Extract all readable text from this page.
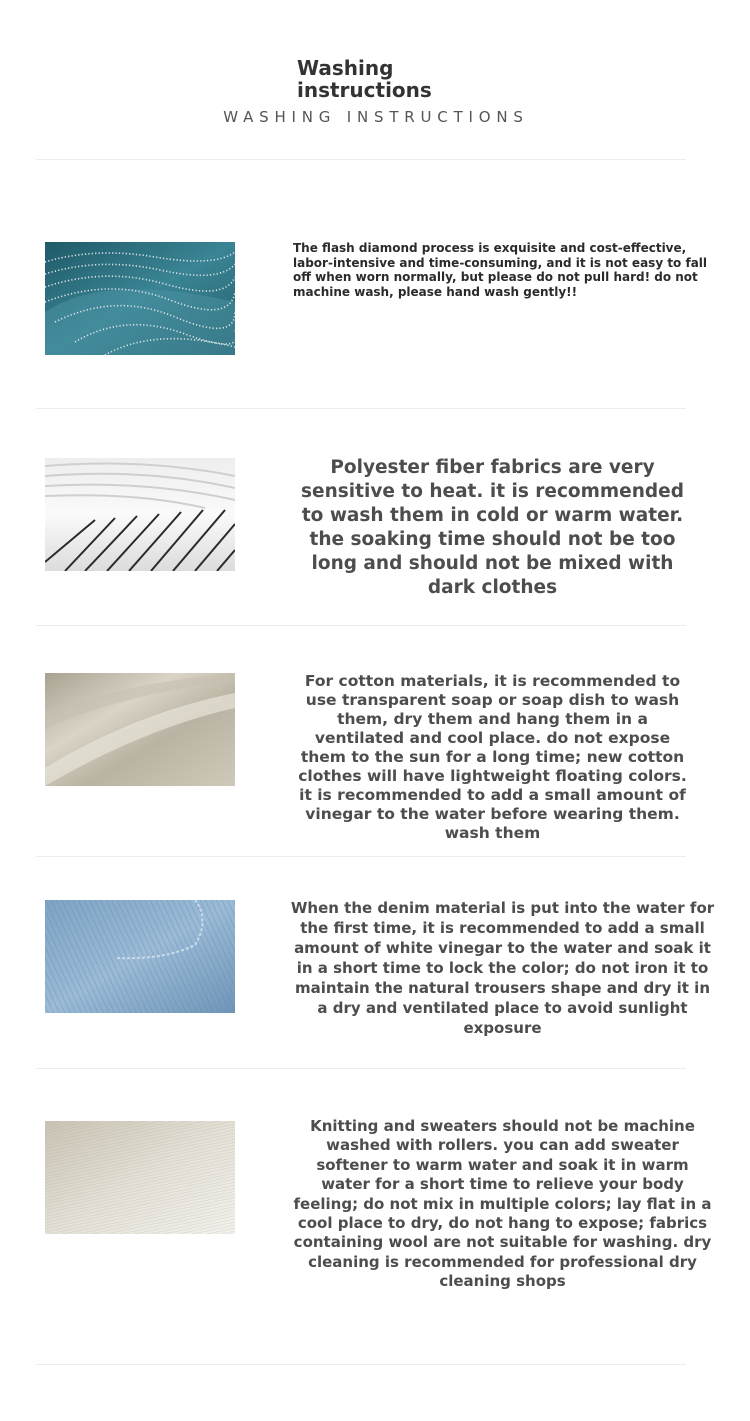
Washing instructions
WASHING INSTRUCTIONS
The flash diamond process is exquisite and cost-effective, labor-intensive and time-consuming, and it is not easy to fall off when worn normally, but please do not pull hard! do not machine wash, please hand wash gently!!
Polyester fiber fabrics are very sensitive to heat. it is recommended to wash them in cold or warm water. the soaking time should not be too long and should not be mixed with dark clothes
For cotton materials, it is recommended to use transparent soap or soap dish to wash them, dry them and hang them in a ventilated and cool place. do not expose them to the sun for a long time; new cotton clothes will have lightweight floating colors. it is recommended to add a small amount of vinegar to the water before wearing them. wash them
When the denim material is put into the water for the first time, it is recommended to add a small amount of white vinegar to the water and soak it in a short time to lock the color; do not iron it to maintain the natural trousers shape and dry it in a dry and ventilated place to avoid sunlight exposure
Knitting and sweaters should not be machine washed with rollers. you can add sweater softener to warm water and soak it in warm water for a short time to relieve your body feeling; do not mix in multiple colors; lay flat in a cool place to dry, do not hang to expose; fabrics containing wool are not suitable for washing. dry cleaning is recommended for professional dry cleaning shops
